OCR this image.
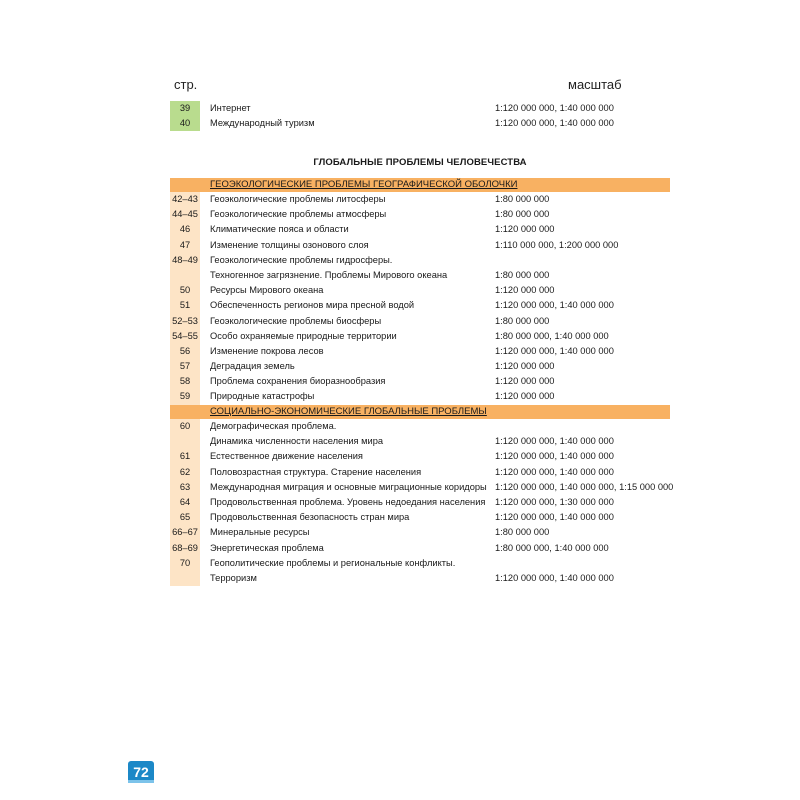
стр.	масштаб
39	Интернет	1:120 000 000, 1:40 000 000
40	Международный туризм	1:120 000 000, 1:40 000 000
ГЛОБАЛЬНЫЕ ПРОБЛЕМЫ ЧЕЛОВЕЧЕСТВА
ГЕОЭКОЛОГИЧЕСКИЕ ПРОБЛЕМЫ ГЕОГРАФИЧЕСКОЙ ОБОЛОЧКИ
42–43 Геоэкологические проблемы литосферы	1:80 000 000
44–45 Геоэкологические проблемы атмосферы	1:80 000 000
46	Климатические пояса и области	1:120 000 000
47	Изменение толщины озонового слоя	1:110 000 000, 1:200 000 000
48–49 Геоэкологические проблемы гидросферы.
Техногенное загрязнение. Проблемы Мирового океана	1:80 000 000
50	Ресурсы Мирового океана	1:120 000 000
51	Обеспеченность регионов мира пресной водой	1:120 000 000, 1:40 000 000
52–53 Геоэкологические проблемы биосферы	1:80 000 000
54–55 Особо охраняемые природные территории	1:80 000 000, 1:40 000 000
56	Изменение покрова лесов	1:120 000 000, 1:40 000 000
57	Деградация земель	1:120 000 000
58	Проблема сохранения биоразнообразия	1:120 000 000
59	Природные катастрофы	1:120 000 000
СОЦИАЛЬНО-ЭКОНОМИЧЕСКИЕ ГЛОБАЛЬНЫЕ ПРОБЛЕМЫ
60	Демографическая проблема.
Динамика численности населения мира	1:120 000 000, 1:40 000 000
61	Естественное движение населения	1:120 000 000, 1:40 000 000
62	Половозрастная структура. Старение населения	1:120 000 000, 1:40 000 000
63	Международная миграция и основные миграционные коридоры 1:120 000 000, 1:40 000 000, 1:15 000 000
64	Продовольственная проблема. Уровень недоедания населения 1:120 000 000, 1:30 000 000
65	Продовольственная безопасность стран мира	1:120 000 000, 1:40 000 000
66–67 Минеральные ресурсы	1:80 000 000
68–69 Энергетическая проблема	1:80 000 000, 1:40 000 000
70	Геополитические проблемы и региональные конфликты.
Терроризм	1:120 000 000, 1:40 000 000
72
